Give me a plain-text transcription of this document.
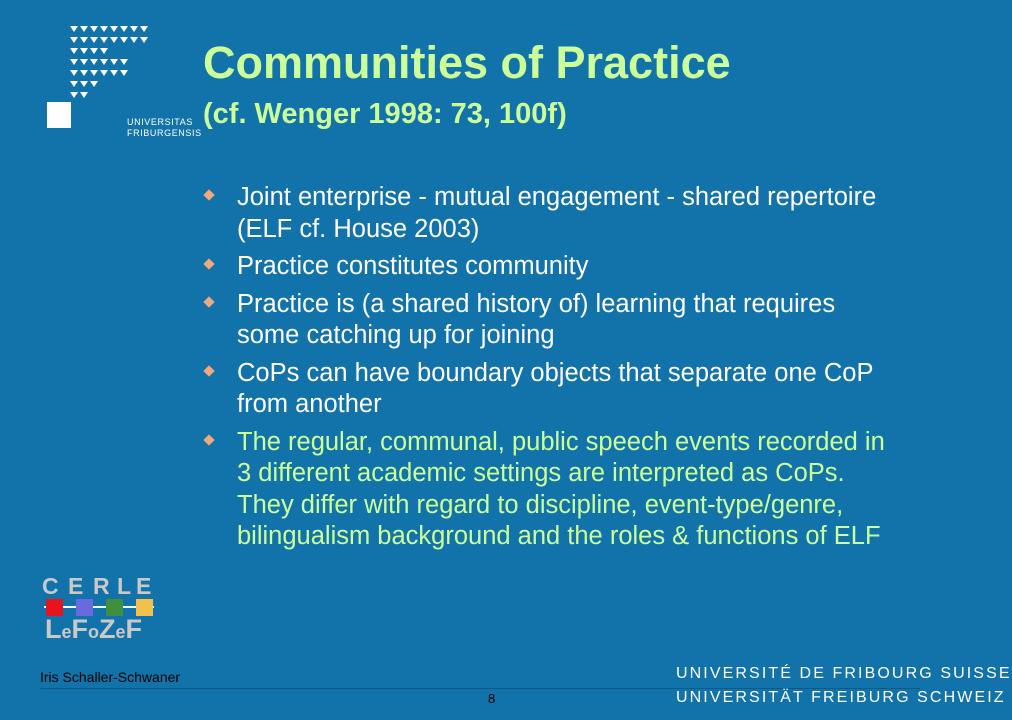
UNIVERSITAS
FRIBURGENSIS
Communities of Practice
(cf. Wenger 1998: 73, 100f)
Joint enterprise - mutual engagement - shared repertoire (ELF cf. House 2003)
Practice constitutes community
Practice is (a shared history of) learning that requires some catching up for joining
CoPs can have boundary objects that separate one CoP from another
The regular, communal, public speech events recorded in 3 different academic settings are interpreted as CoPs. They differ with regard to discipline, event-type/genre, bilingualism background and the roles & functions of ELF
C E R L E
LeFoZeF
Iris Schaller-Schwaner
8
UNIVERSITÉ DE FRIBOURG SUISSE
UNIVERSITÄT FREIBURG SCHWEIZ
